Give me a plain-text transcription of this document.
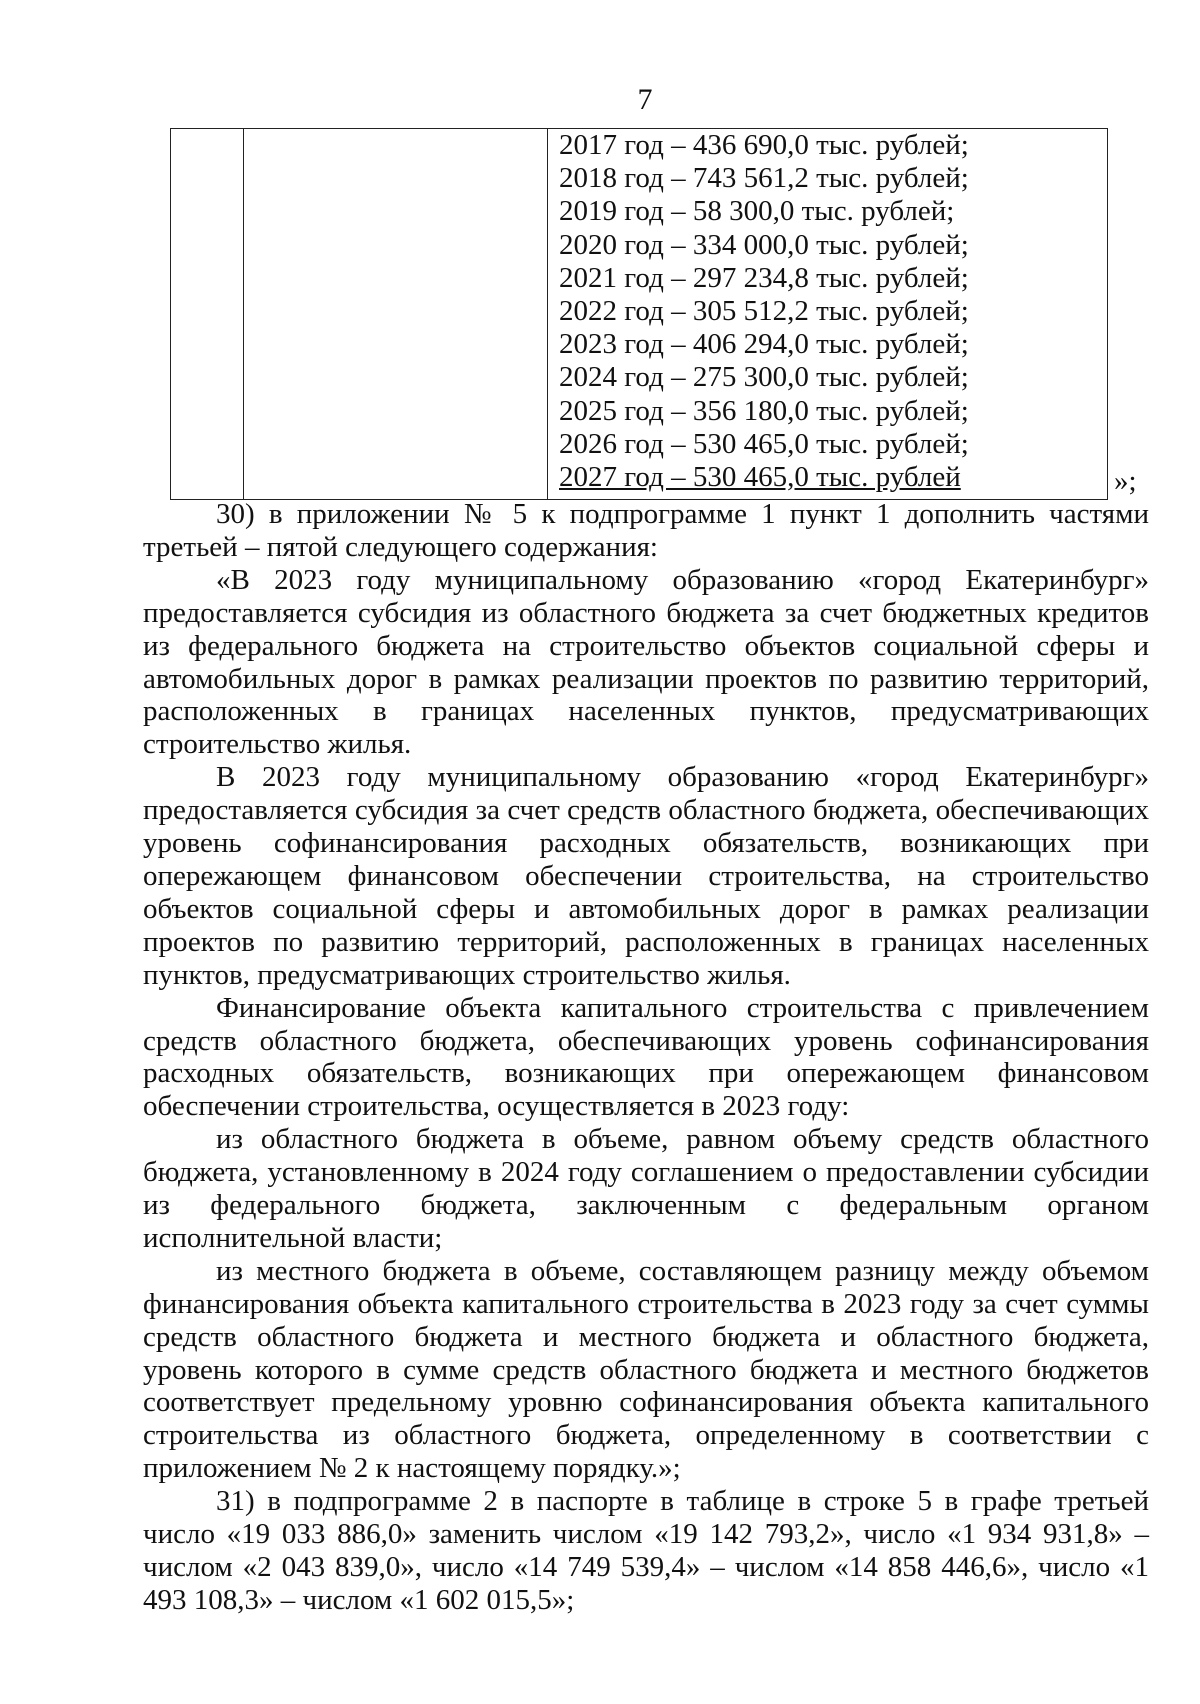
7
2017 год – 436 690,0 тыс. рублей;
2018 год – 743 561,2 тыс. рублей;
2019 год – 58 300,0 тыс. рублей;
2020 год – 334 000,0 тыс. рублей;
2021 год – 297 234,8 тыс. рублей;
2022 год – 305 512,2 тыс. рублей;
2023 год – 406 294,0 тыс. рублей;
2024 год – 275 300,0 тыс. рублей;
2025 год – 356 180,0 тыс. рублей;
2026 год – 530 465,0 тыс. рублей;
2027 год – 530 465,0 тыс. рублей	»;

30) в приложении № 5 к подпрограмме 1 пункт 1 дополнить частями третьей – пятой следующего содержания:

«В 2023 году муниципальному образованию «город Екатеринбург» предоставляется субсидия из областного бюджета за счет бюджетных кредитов из федерального бюджета на строительство объектов социальной сферы и автомобильных дорог в рамках реализации проектов по развитию территорий, расположенных в границах населенных пунктов, предусматривающих строительство жилья.

В 2023 году муниципальному образованию «город Екатеринбург» предоставляется субсидия за счет средств областного бюджета, обеспечивающих уровень софинансирования расходных обязательств, возникающих при опережающем финансовом обеспечении строительства, на строительство объектов социальной сферы и автомобильных дорог в рамках реализации проектов по развитию территорий, расположенных в границах населенных пунктов, предусматривающих строительство жилья.

Финансирование объекта капитального строительства с привлечением средств областного бюджета, обеспечивающих уровень софинансирования расходных обязательств, возникающих при опережающем финансовом обеспечении строительства, осуществляется в 2023 году:

из областного бюджета в объеме, равном объему средств областного бюджета, установленному в 2024 году соглашением о предоставлении субсидии из федерального бюджета, заключенным с федеральным органом исполнительной власти;

из местного бюджета в объеме, составляющем разницу между объемом финансирования объекта капитального строительства в 2023 году за счет суммы средств областного бюджета и местного бюджета и областного бюджета, уровень которого в сумме средств областного бюджета и местного бюджетов соответствует предельному уровню софинансирования объекта капитального строительства из областного бюджета, определенному в соответствии с приложением № 2 к настоящему порядку.»;

31) в подпрограмме 2 в паспорте в таблице в строке 5 в графе третьей число «19 033 886,0» заменить числом «19 142 793,2», число «1 934 931,8» – числом «2 043 839,0», число «14 749 539,4» – числом «14 858 446,6», число «1 493 108,3» – числом «1 602 015,5»;
